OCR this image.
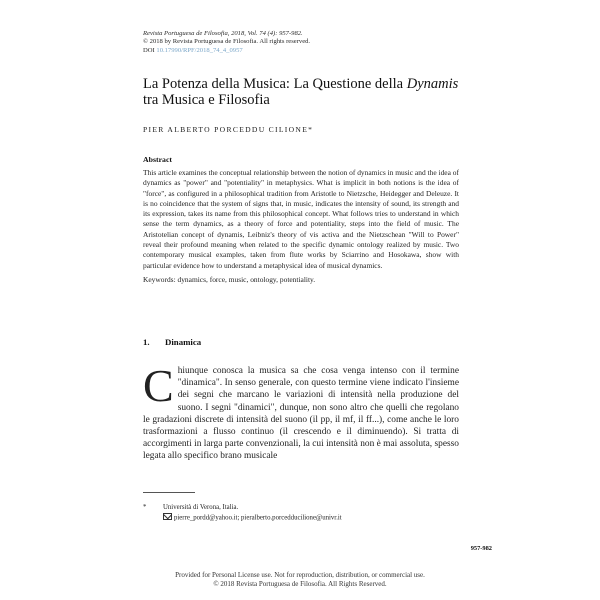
Revista Portuguesa de Filosofia, 2018, Vol. 74 (4): 957-982.
© 2018 by Revista Portuguesa de Filosofia. All rights reserved.
DOI 10.17990/RPF/2018_74_4_0957
La Potenza della Musica: La Questione della Dynamis
tra Musica e Filosofia
PIER ALBERTO PORCEDDU CILIONE*
Abstract

This article examines the conceptual relationship between the notion of dynamics in music and the idea of dynamics as "power" and "potentiality" in metaphysics. What is implicit in both notions is the idea of "force", as configured in a philosophical tradition from Aristotle to Nietzsche, Heidegger and Deleuze. It is no coincidence that the system of signs that, in music, indicates the intensity of sound, its strength and its expression, takes its name from this philosophical concept. What follows tries to understand in which sense the term dynamics, as a theory of force and potentiality, steps into the field of music. The Aristotelian concept of dynamis, Leibniz's theory of vis activa and the Nietzschean "Will to Power" reveal their profound meaning when related to the specific dynamic ontology realized by music. Two contemporary musical examples, taken from flute works by Sciarrino and Hosokawa, show with particular evidence how to understand a metaphysical idea of musical dynamics.

Keywords: dynamics, force, music, ontology, potentiality.
1. Dinamica
C hiunque conosca la musica sa che cosa venga intenso con il termine "dinamica". In senso generale, con questo termine viene indicato l'insieme dei segni che marcano le variazioni di intensità nella produzione del suono. I segni "dinamici", dunque, non sono altro che quelli che regolano le gradazioni discrete di intensità del suono (il pp, il mf, il ff...), come anche le loro trasformazioni a flusso continuo (il crescendo e il diminuendo). Si tratta di accorgimenti in larga parte convenzionali, la cui intensità non è mai assoluta, spesso legata allo specifico brano musicale

* Università di Verona, Italia.
pierre_pordd@yahoo.it; pieralberto.porcedducilione@univr.it
957-982
Provided for Personal License use. Not for reproduction, distribution, or commercial use.
© 2018 Revista Portuguesa de Filosofia. All Rights Reserved.
